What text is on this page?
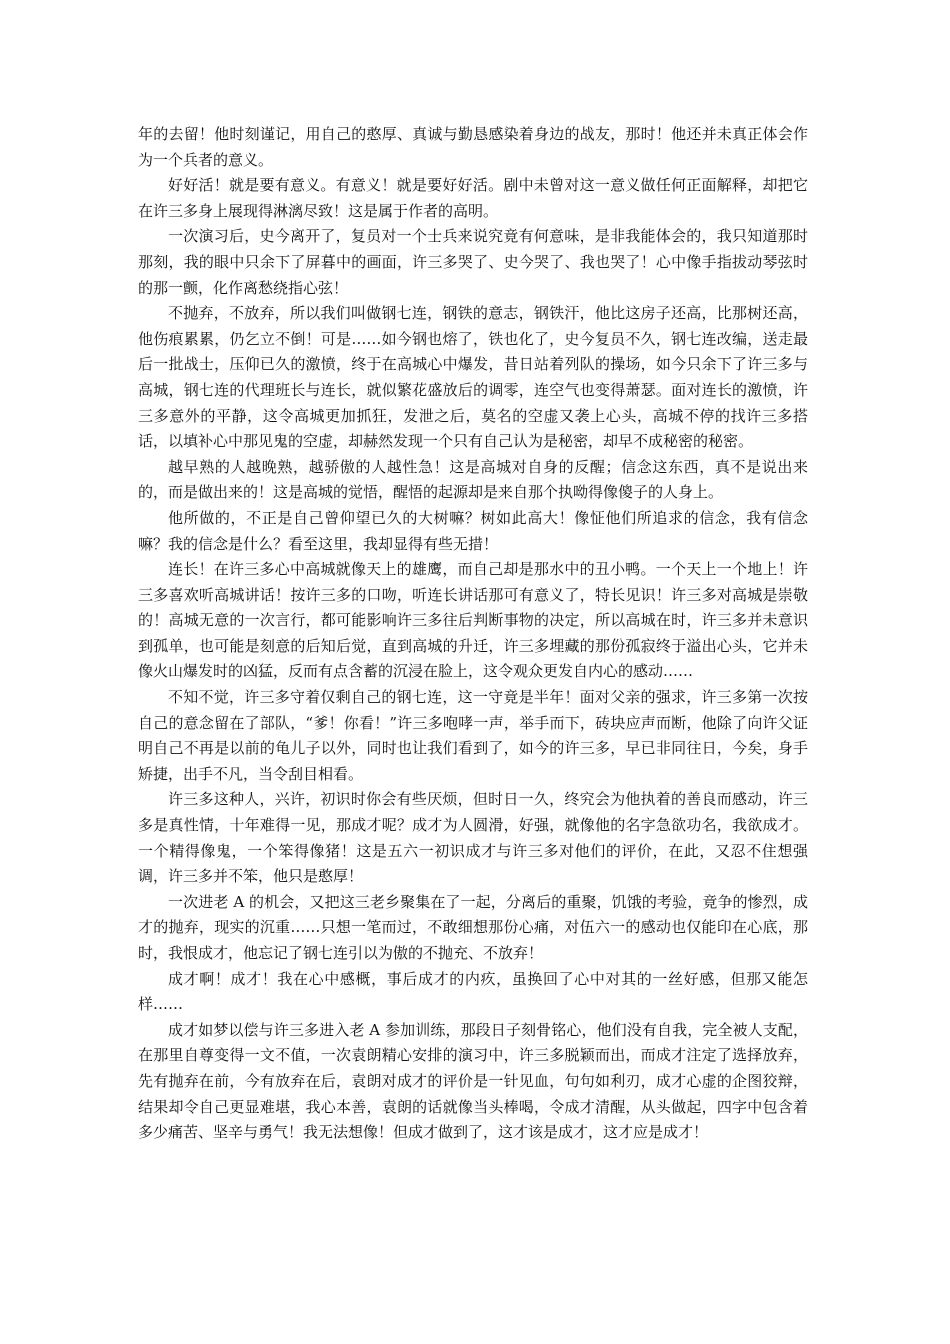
年的去留！他时刻谨记，用自己的憨厚、真诚与勤恳感染着身边的战友，那时！他还并未真正体会作为一个兵者的意义。

好好活！就是要有意义。有意义！就是要好好活。剧中未曾对这一意义做任何正面解释，却把它在许三多身上展现得淋漓尽致！这是属于作者的高明。

一次演习后，史今离开了，复员对一个士兵来说究竟有何意味，是非我能体会的，我只知道那时那刻，我的眼中只余下了屏暮中的画面，许三多哭了、史今哭了、我也哭了！心中像手指拔动琴弦时的那一颤，化作离愁绕指心弦！

不抛弃，不放弃，所以我们叫做钢七连，钢铁的意志，钢铁汗，他比这房子还高，比那树还高，他伤痕累累，仍乞立不倒！可是……如今钢也熔了，铁也化了，史今复员不久，钢七连改编，送走最后一批战士，压仰已久的激愤，终于在高城心中爆发，昔日站着列队的操场，如今只余下了许三多与高城，钢七连的代理班长与连长，就似繁花盛放后的调零，连空气也变得萧瑟。面对连长的激愤，许三多意外的平静，这令高城更加抓狂，发泄之后，莫名的空虚又袭上心头，高城不停的找许三多搭话，以填补心中那见鬼的空虚，却赫然发现一个只有自己认为是秘密，却早不成秘密的秘密。

越早熟的人越晚熟，越骄傲的人越性急！这是高城对自身的反醒；信念这东西，真不是说出来的，而是做出来的！这是高城的觉悟，醒悟的起源却是来自那个执呦得像傻子的人身上。

他所做的，不正是自己曾仰望已久的大树嘛？树如此高大！像怔他们所追求的信念，我有信念嘛？我的信念是什么？看至这里，我却显得有些无措！

连长！在许三多心中高城就像天上的雄鹰，而自己却是那水中的丑小鸭。一个天上一个地上！许三多喜欢听高城讲话！按许三多的口吻，听连长讲话那可有意义了，特长见识！许三多对高城是崇敬的！高城无意的一次言行，都可能影响许三多往后判断事物的决定，所以高城在时，许三多并未意识到孤单，也可能是刻意的后知后觉，直到高城的升迁，许三多埋藏的那份孤寂终于溢出心头，它并未像火山爆发时的凶猛，反而有点含蓄的沉浸在脸上，这令观众更发自内心的感动……

不知不觉，许三多守着仅剩自己的钢七连，这一守竟是半年！面对父亲的强求，许三多第一次按自己的意念留在了部队，“爹！你看！”许三多咆哮一声，举手而下，砖块应声而断，他除了向许父证明自己不再是以前的龟儿子以外，同时也让我们看到了，如今的许三多，早已非同往日，今矣，身手矫捷，出手不凡，当令刮目相看。

许三多这种人，兴许，初识时你会有些厌烦，但时日一久，终究会为他执着的善良而感动，许三多是真性情，十年难得一见，那成才呢？成才为人圆滑，好强，就像他的名字急欲功名，我欲成才。一个精得像鬼，一个笨得像猪！这是五六一初识成才与许三多对他们的评价，在此，又忍不住想强调，许三多并不笨，他只是憨厚！

一次进老 A 的机会，又把这三老乡聚集在了一起，分离后的重聚，饥饿的考验，竟争的惨烈，成才的抛弃，现实的沉重……只想一笔而过，不敢细想那份心痛，对伍六一的感动也仅能印在心底，那时，我恨成才，他忘记了钢七连引以为傲的不抛充、不放弃！

成才啊！成才！我在心中感概，事后成才的内疚，虽换回了心中对其的一丝好感，但那又能怎样……

成才如梦以偿与许三多进入老 A 参加训练，那段日子刻骨铭心，他们没有自我，完全被人支配，在那里自尊变得一文不值，一次袁朗精心安排的演习中，许三多脱颖而出，而成才注定了选择放弃，先有抛弃在前，今有放弃在后，袁朗对成才的评价是一针见血，句句如利刃，成才心虚的企图狡辩，结果却令自己更显难堪，我心本善，袁朗的话就像当头棒喝，令成才清醒，从头做起，四字中包含着多少痛苦、坚辛与勇气！我无法想像！但成才做到了，这才该是成才，这才应是成才！
